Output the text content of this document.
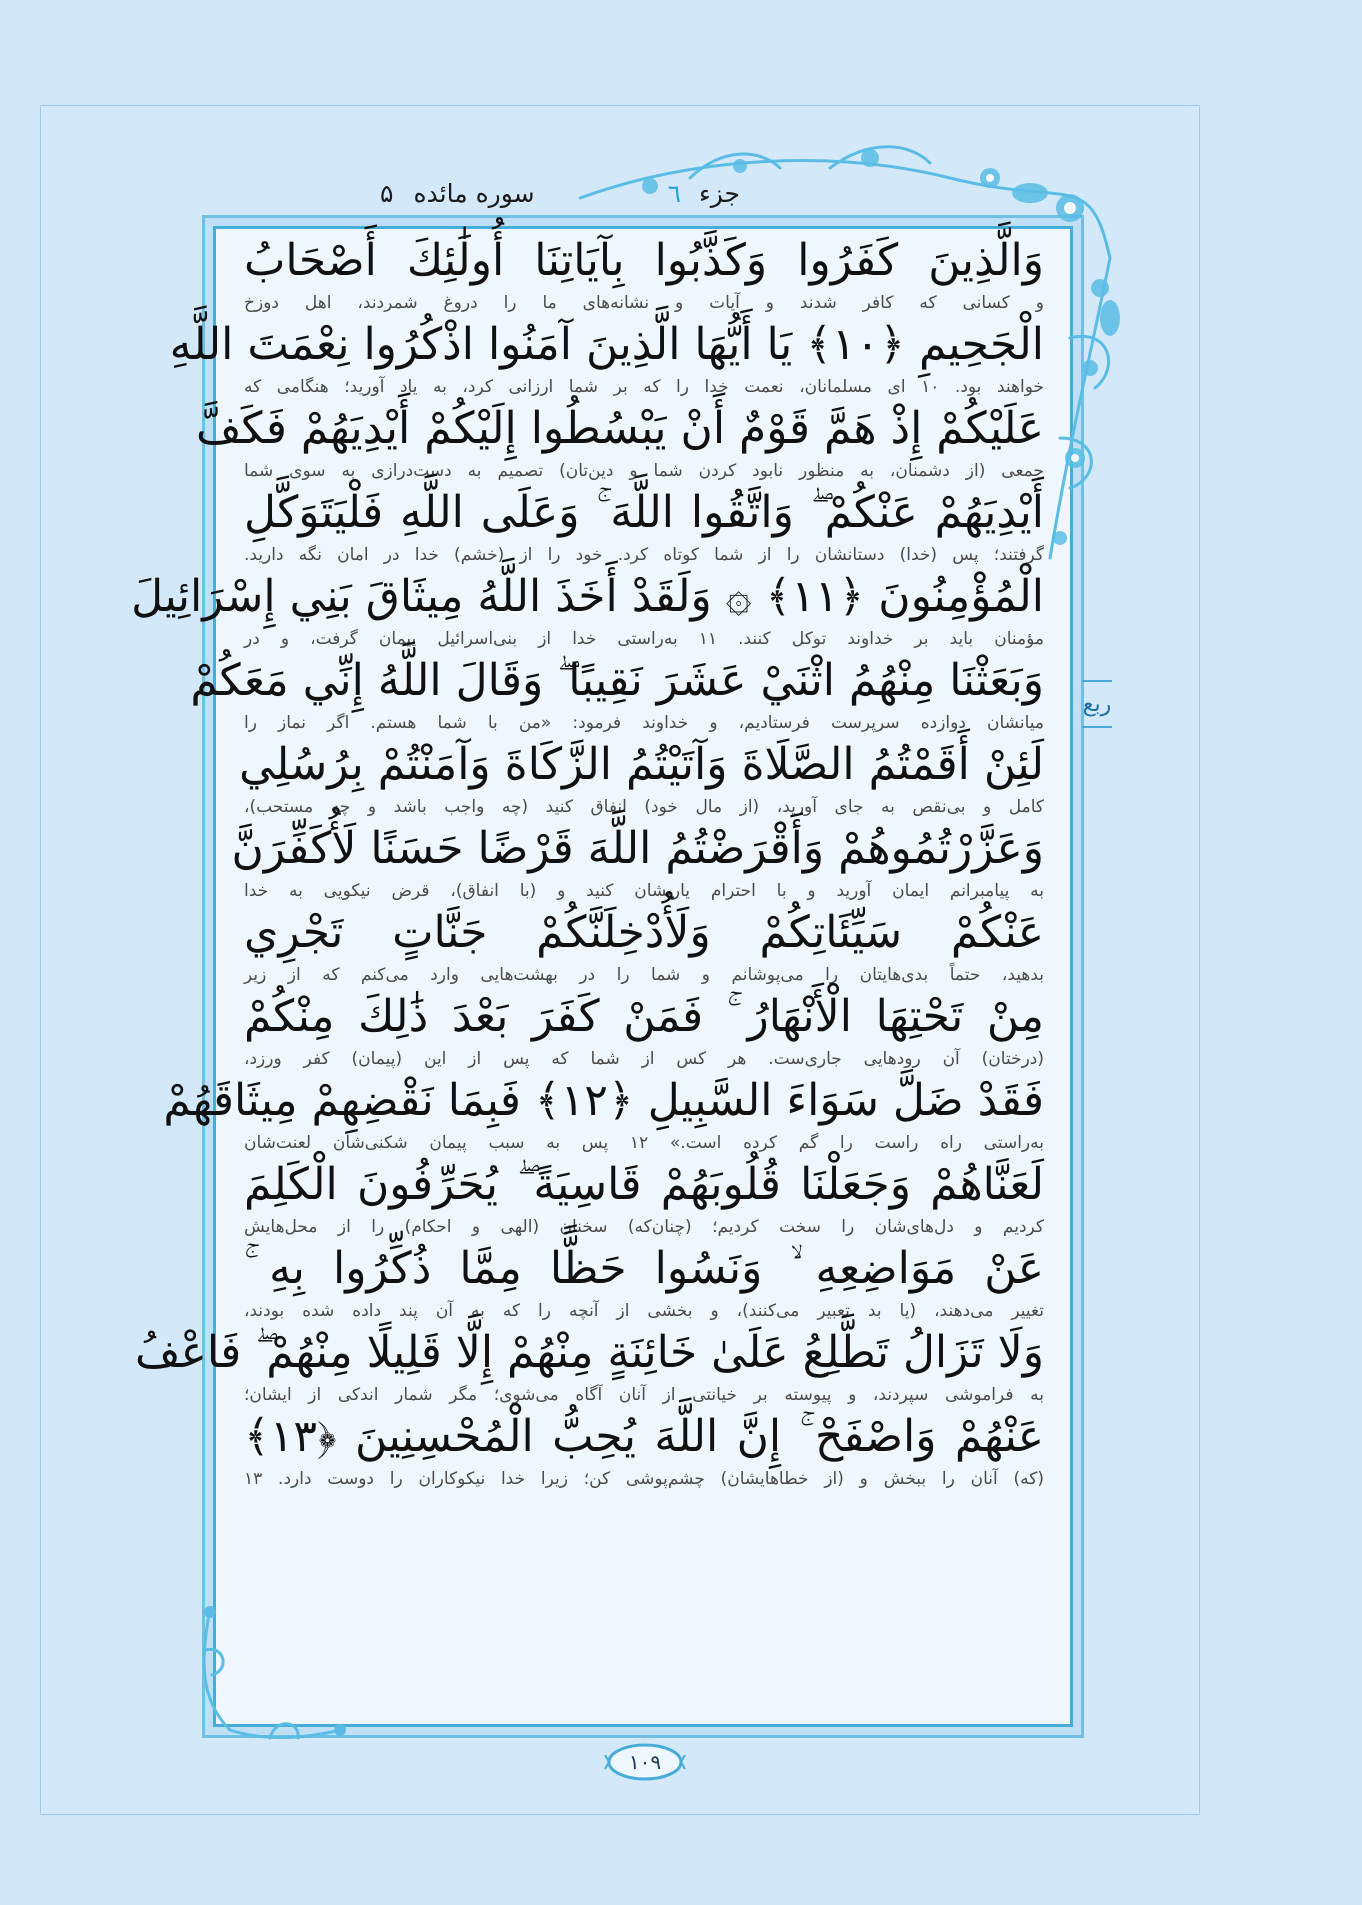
جزء ٦
سوره مائده
۵
وَالَّذِينَ كَفَرُوا وَكَذَّبُوا بِآيَاتِنَا أُولَٰئِكَ أَصْحَابُ
و کسانی که کافر شدند و آیات و نشانه‌های ما را دروغ شمردند، اهل دوزخ
الْجَحِيمِ ﴿١٠﴾ يَا أَيُّهَا الَّذِينَ آمَنُوا اذْكُرُوا نِعْمَتَ اللَّهِ
خواهند بود. ۱۰ ای مسلمانان، نعمت خدا را که بر شما ارزانی کرد، به یاد آورید؛ هنگامی که
عَلَيْكُمْ إِذْ هَمَّ قَوْمٌ أَنْ يَبْسُطُوا إِلَيْكُمْ أَيْدِيَهُمْ فَكَفَّ
جمعی (از دشمنان، به منظور نابود کردن شما و دین‌تان) تصمیم به دست‌درازی به سوی شما
أَيْدِيَهُمْ عَنْكُمْ ۖ وَاتَّقُوا اللَّهَ ۚ وَعَلَى اللَّهِ فَلْيَتَوَكَّلِ
گرفتند؛ پس (خدا) دستانشان را از شما کوتاه کرد. خود را از (خشم) خدا در امان نگه دارید.
الْمُؤْمِنُونَ ﴿١١﴾ ۞ وَلَقَدْ أَخَذَ اللَّهُ مِيثَاقَ بَنِي إِسْرَائِيلَ
مؤمنان باید بر خداوند توکل کنند. ۱۱ به‌راستی خدا از بنی‌اسرائیل پیمان گرفت، و در
وَبَعَثْنَا مِنْهُمُ اثْنَيْ عَشَرَ نَقِيبًا ۖ وَقَالَ اللَّهُ إِنِّي مَعَكُمْ
میانشان دوازده سرپرست فرستادیم، و خداوند فرمود: «من با شما هستم. اگر نماز را
لَئِنْ أَقَمْتُمُ الصَّلَاةَ وَآتَيْتُمُ الزَّكَاةَ وَآمَنْتُمْ بِرُسُلِي
کامل و بی‌نقص به جای آورید، (از مال خود) انفاق کنید (چه واجب باشد و چه مستحب)،
وَعَزَّرْتُمُوهُمْ وَأَقْرَضْتُمُ اللَّهَ قَرْضًا حَسَنًا لَأُكَفِّرَنَّ
به پیامبرانم ایمان آورید و با احترام یاریشان کنید و (با انفاق)، قرض نیکویی به خدا
عَنْكُمْ سَيِّئَاتِكُمْ وَلَأُدْخِلَنَّكُمْ جَنَّاتٍ تَجْرِي
بدهید، حتماً بدی‌هایتان را می‌پوشانم و شما را در بهشت‌هایی وارد می‌کنم که از زیر
مِنْ تَحْتِهَا الْأَنْهَارُ ۚ فَمَنْ كَفَرَ بَعْدَ ذَٰلِكَ مِنْكُمْ
(درختان) آن رودهایی جاری‌ست. هر کس از شما که پس از این (پیمان) کفر ورزد،
فَقَدْ ضَلَّ سَوَاءَ السَّبِيلِ ﴿١٢﴾ فَبِمَا نَقْضِهِمْ مِيثَاقَهُمْ
به‌راستی راه راست را گم کرده است.» ۱۲ پس به سبب پیمان شکنی‌شان لعنت‌شان
لَعَنَّاهُمْ وَجَعَلْنَا قُلُوبَهُمْ قَاسِيَةً ۖ يُحَرِّفُونَ الْكَلِمَ
کردیم و دل‌های‌شان را سخت کردیم؛ (چنان‌که) سخنان (الهی و احکام) را از محل‌هایش
عَنْ مَوَاضِعِهِ ۙ وَنَسُوا حَظًّا مِمَّا ذُكِّرُوا بِهِ ۚ
تغییر می‌دهند، (یا بد تعبیر می‌کنند)، و بخشی از آنچه را که به آن پند داده شده بودند،
وَلَا تَزَالُ تَطَّلِعُ عَلَىٰ خَائِنَةٍ مِنْهُمْ إِلَّا قَلِيلًا مِنْهُمْ ۖ فَاعْفُ
به فراموشی سپردند، و پیوسته بر خیانتی از آنان آگاه می‌شوی؛ مگر شمار اندکی از ایشان؛
عَنْهُمْ وَاصْفَحْ ۚ إِنَّ اللَّهَ يُحِبُّ الْمُحْسِنِينَ ﴿١٣﴾
(که) آنان را ببخش و (از خطاهایشان) چشم‌پوشی کن؛ زیرا خدا نیکوکاران را دوست دارد. ۱۳
ربع
۱۰۹
